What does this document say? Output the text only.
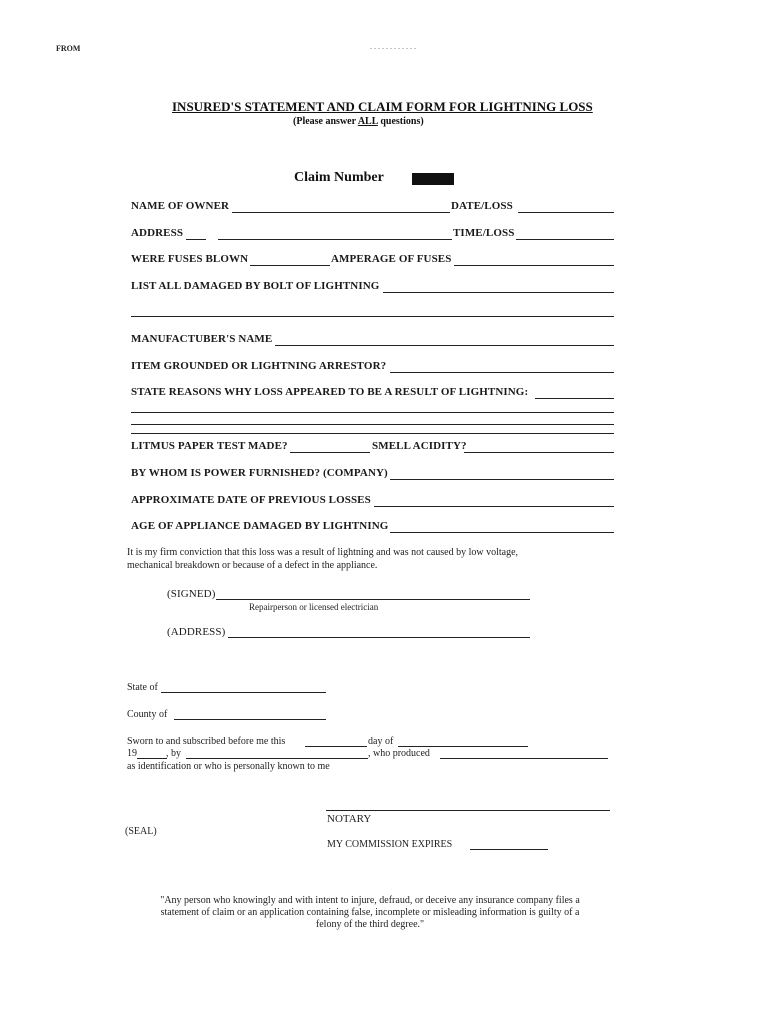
FROM	. . . . . . . . . . . .
INSURED'S STATEMENT AND CLAIM FORM FOR LIGHTNING LOSS
(Please answer ALL questions)
Claim Number
NAME OF OWNER	DATE/LOSS
ADDRESS	TIME/LOSS
WERE FUSES BLOWN	AMPERAGE OF FUSES
LIST ALL DAMAGED BY BOLT OF LIGHTNING
MANUFACTUBER'S NAME
ITEM GROUNDED OR LIGHTNING ARRESTOR?
STATE REASONS WHY LOSS APPEARED TO BE A RESULT OF LIGHTNING:
LITMUS PAPER TEST MADE?	SMELL ACIDITY?
BY WHOM IS POWER FURNISHED? (COMPANY)
APPROXIMATE DATE OF PREVIOUS LOSSES
AGE OF APPLIANCE DAMAGED BY LIGHTNING
It is my firm conviction that this loss was a result of lightning and was not caused by low voltage,
mechanical breakdown or because of a defect in the appliance.
(SIGNED)
Repairperson or licensed electrician
(ADDRESS)
State of
County of
Sworn to and subscribed before me this	day of
19	, by	, who produced
as identification or who is personally known to me
NOTARY
(SEAL)
MY COMMISSION EXPIRES
"Any person who knowingly and with intent to injure, defraud, or deceive any insurance company files a
statement of claim or an application containing false, incomplete or misleading information is guilty of a
felony of the third degree."
